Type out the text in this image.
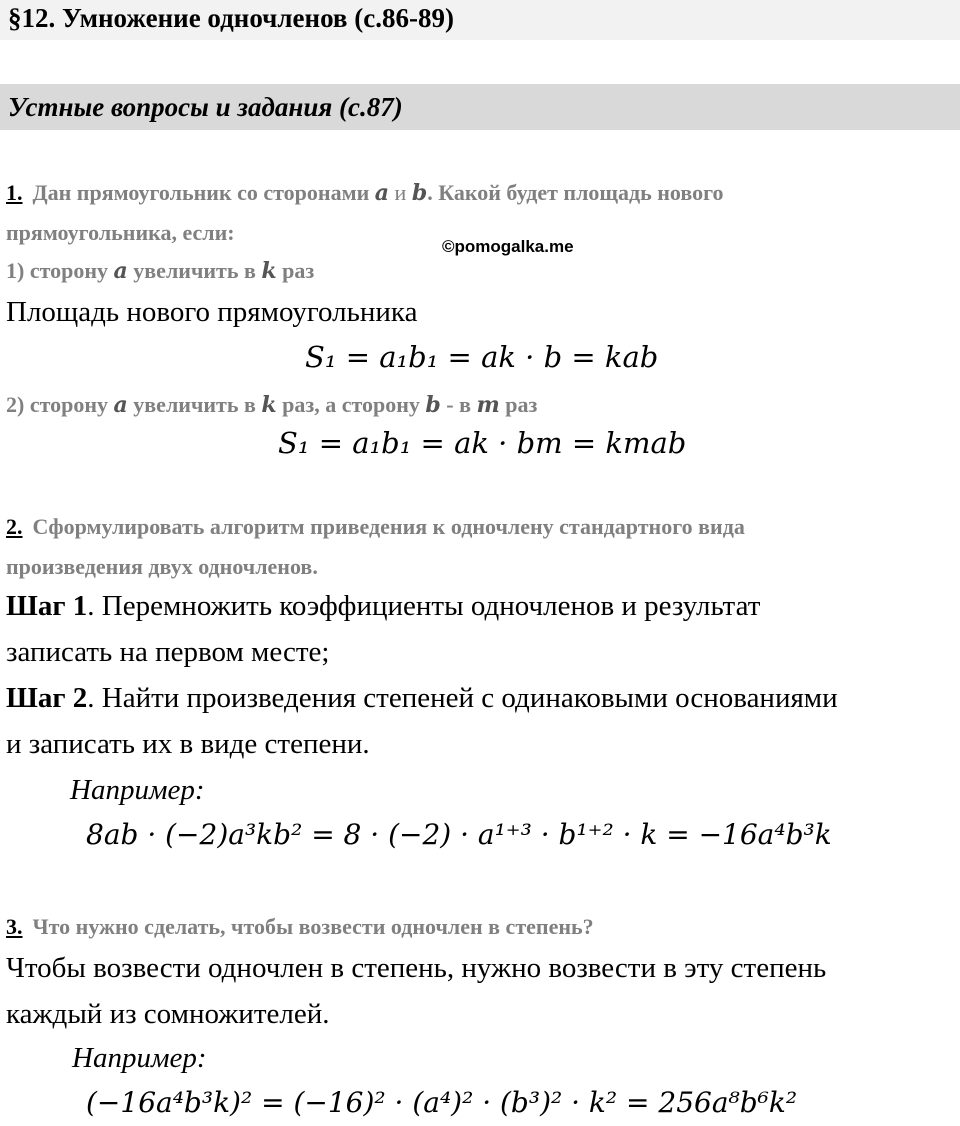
§12. Умножение одночленов (с.86-89)
Устные вопросы и задания (с.87)
1. Дан прямоугольник со сторонами a и b. Какой будет площадь нового
прямоугольника, если:
©pomogalka.me
1) сторону a увеличить в k раз
Площадь нового прямоугольника
S₁ = a₁b₁ = ak · b = kab
2) сторону a увеличить в k раз, а сторону b - в m раз
S₁ = a₁b₁ = ak · bm = kmab
2. Сформулировать алгоритм приведения к одночлену стандартного вида
произведения двух одночленов.
Шаг 1. Перемножить коэффициенты одночленов и результат
записать на первом месте;
Шаг 2. Найти произведения степеней с одинаковыми основаниями
и записать их в виде степени.
Например:
8ab · (−2)a³kb² = 8 · (−2) · a¹⁺³ · b¹⁺² · k = −16a⁴b³k
3. Что нужно сделать, чтобы возвести одночлен в степень?
Чтобы возвести одночлен в степень, нужно возвести в эту степень
каждый из сомножителей.
Например:
(−16a⁴b³k)² = (−16)² · (a⁴)² · (b³)² · k² = 256a⁸b⁶k²
